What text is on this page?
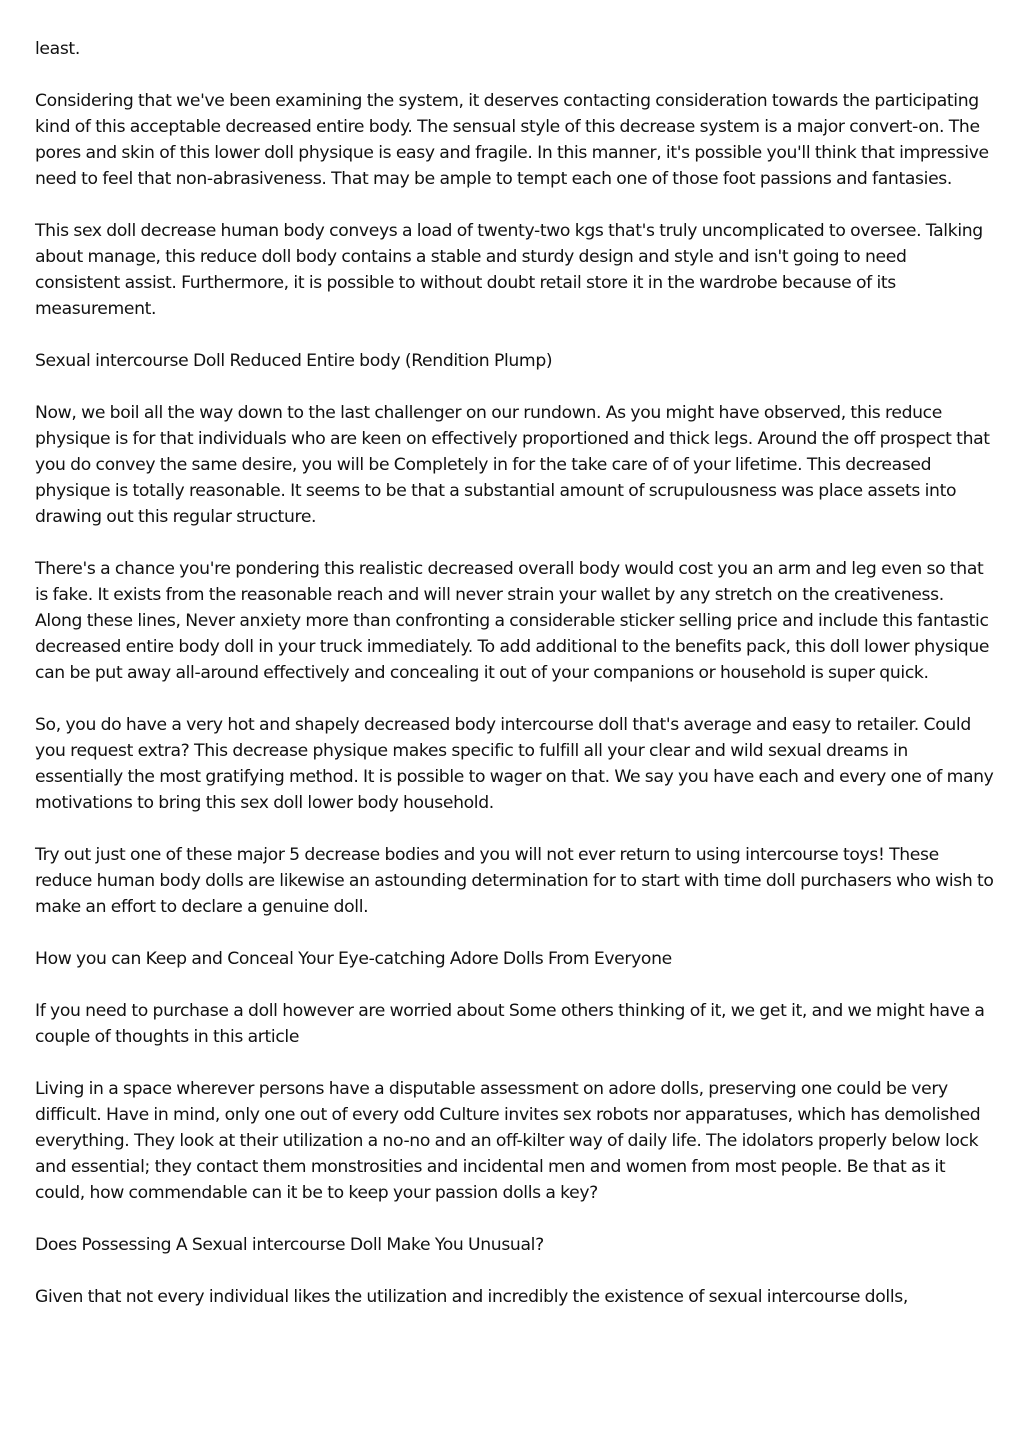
least.

Considering that we've been examining the system, it deserves contacting consideration towards the participating kind of this acceptable decreased entire body. The sensual style of this decrease system is a major convert-on. The pores and skin of this lower doll physique is easy and fragile. In this manner, it's possible you'll think that impressive need to feel that non-abrasiveness. That may be ample to tempt each one of those foot passions and fantasies.

This sex doll decrease human body conveys a load of twenty-two kgs that's truly uncomplicated to oversee. Talking about manage, this reduce doll body contains a stable and sturdy design and style and isn't going to need consistent assist. Furthermore, it is possible to without doubt retail store it in the wardrobe because of its measurement.

Sexual intercourse Doll Reduced Entire body (Rendition Plump)

Now, we boil all the way down to the last challenger on our rundown. As you might have observed, this reduce physique is for that individuals who are keen on effectively proportioned and thick legs. Around the off prospect that you do convey the same desire, you will be Completely in for the take care of of your lifetime. This decreased physique is totally reasonable. It seems to be that a substantial amount of scrupulousness was place assets into drawing out this regular structure.

There's a chance you're pondering this realistic decreased overall body would cost you an arm and leg even so that is fake. It exists from the reasonable reach and will never strain your wallet by any stretch on the creativeness. Along these lines, Never anxiety more than confronting a considerable sticker selling price and include this fantastic decreased entire body doll in your truck immediately. To add additional to the benefits pack, this doll lower physique can be put away all-around effectively and concealing it out of your companions or household is super quick.

So, you do have a very hot and shapely decreased body intercourse doll that's average and easy to retailer. Could you request extra? This decrease physique makes specific to fulfill all your clear and wild sexual dreams in essentially the most gratifying method. It is possible to wager on that. We say you have each and every one of many motivations to bring this sex doll lower body household.

Try out just one of these major 5 decrease bodies and you will not ever return to using intercourse toys! These reduce human body dolls are likewise an astounding determination for to start with time doll purchasers who wish to make an effort to declare a genuine doll.

How you can Keep and Conceal Your Eye-catching Adore Dolls From Everyone

If you need to purchase a doll however are worried about Some others thinking of it, we get it, and we might have a couple of thoughts in this article

Living in a space wherever persons have a disputable assessment on adore dolls, preserving one could be very difficult. Have in mind, only one out of every odd Culture invites sex robots nor apparatuses, which has demolished everything. They look at their utilization a no-no and an off-kilter way of daily life. The idolators properly below lock and essential; they contact them monstrosities and incidental men and women from most people. Be that as it could, how commendable can it be to keep your passion dolls a key?

Does Possessing A Sexual intercourse Doll Make You Unusual?

Given that not every individual likes the utilization and incredibly the existence of sexual intercourse dolls,
